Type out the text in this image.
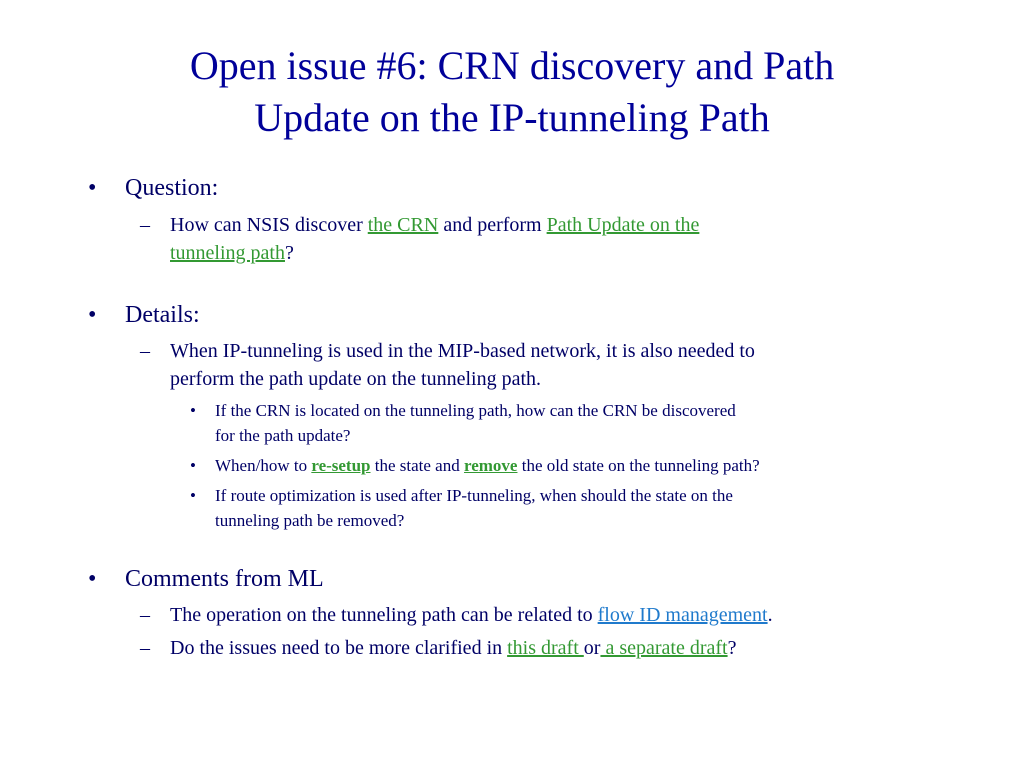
Open issue #6: CRN discovery and Path
Update on the IP-tunneling Path
• Question:
– How can NSIS discover the CRN and perform Path Update on the
tunneling path?
• Details:
– When IP-tunneling is used in the MIP-based network, it is also needed to
perform the path update on the tunneling path.
• If the CRN is located on the tunneling path, how can the CRN be discovered
for the path update?
• When/how to re-setup the state and remove the old state on the tunneling path?
• If route optimization is used after IP-tunneling, when should the state on the
tunneling path be removed?
• Comments from ML
– The operation on the tunneling path can be related to flow ID management.
– Do the issues need to be more clarified in this draft or a separate draft?
